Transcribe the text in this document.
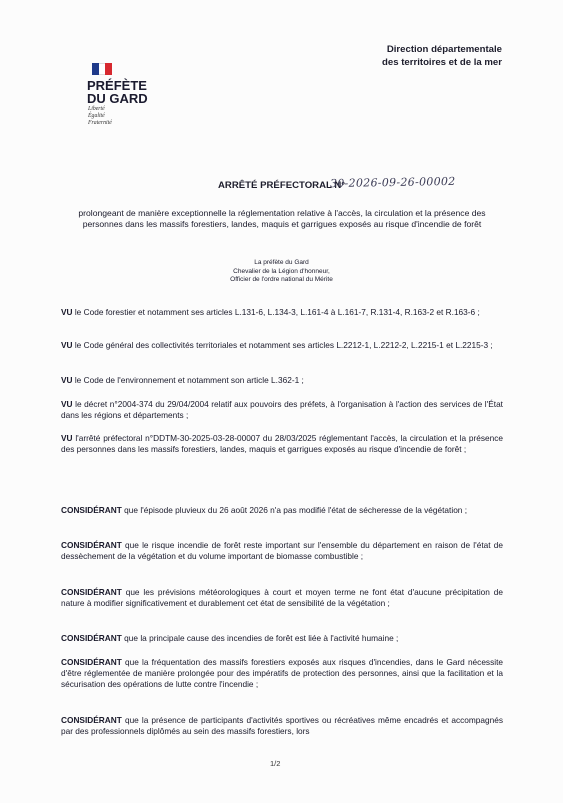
PRÉFÈTE
DU GARD
Liberté
Égalité
Fraternité
Direction départementale
des territoires et de la mer
ARRÊTÉ PRÉFECTORAL N°
30-2026-09-26-00002
prolongeant de manière exceptionnelle la réglementation relative à l'accès, la circulation et la présence des personnes dans les massifs forestiers, landes, maquis et garrigues exposés au risque d'incendie de forêt
La préfète du Gard
Chevalier de la Légion d'honneur,
Officier de l'ordre national du Mérite
VU le Code forestier et notamment ses articles L.131-6, L.134-3, L.161-4 à L.161-7, R.131-4, R.163-2 et R.163-6 ;
VU le Code général des collectivités territoriales et notamment ses articles L.2212-1, L.2212-2, L.2215-1 et L.2215-3 ;
VU le Code de l'environnement et notamment son article L.362-1 ;
VU le décret n°2004-374 du 29/04/2004 relatif aux pouvoirs des préfets, à l'organisation à l'action des services de l'État dans les régions et départements ;
VU l'arrêté préfectoral n°DDTM-30-2025-03-28-00007 du 28/03/2025 réglementant l'accès, la circulation et la présence des personnes dans les massifs forestiers, landes, maquis et garrigues exposés au risque d'incendie de forêt ;
CONSIDÉRANT que l'épisode pluvieux du 26 août 2026 n'a pas modifié l'état de sécheresse de la végétation ;
CONSIDÉRANT que le risque incendie de forêt reste important sur l'ensemble du département en raison de l'état de dessèchement de la végétation et du volume important de biomasse combustible ;
CONSIDÉRANT que les prévisions météorologiques à court et moyen terme ne font état d'aucune précipitation de nature à modifier significativement et durablement cet état de sensibilité de la végétation ;
CONSIDÉRANT que la principale cause des incendies de forêt est liée à l'activité humaine ;
CONSIDÉRANT que la fréquentation des massifs forestiers exposés aux risques d'incendies, dans le Gard nécessite d'être réglementée de manière prolongée pour des impératifs de protection des personnes, ainsi que la facilitation et la sécurisation des opérations de lutte contre l'incendie ;
CONSIDÉRANT que la présence de participants d'activités sportives ou récréatives même encadrés et accompagnés par des professionnels diplômés au sein des massifs forestiers, lors
1/2
